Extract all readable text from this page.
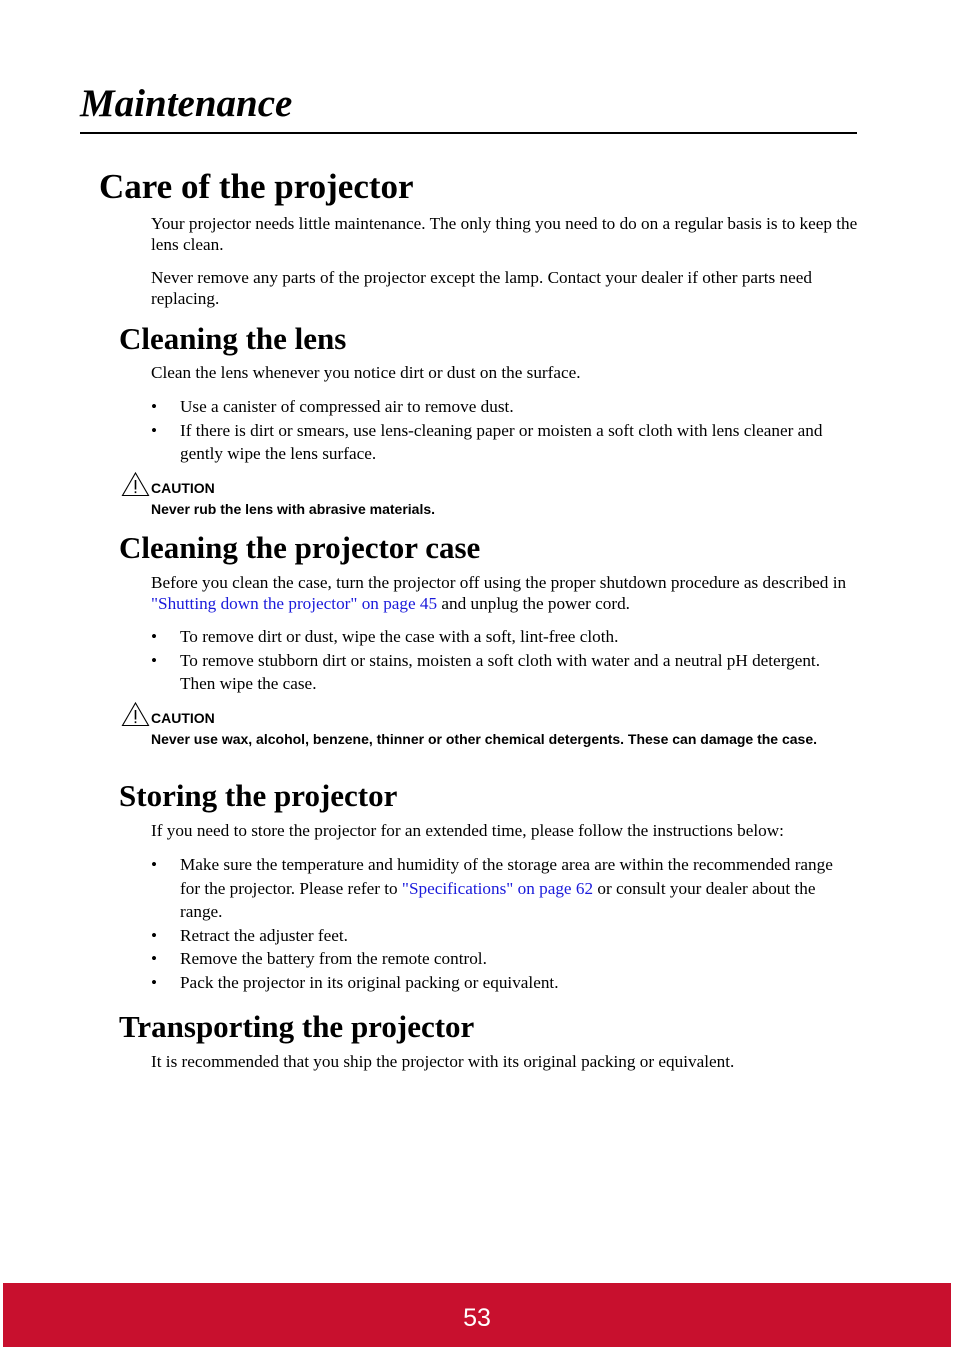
Maintenance
Care of the projector

Your projector needs little maintenance. The only thing you need to do on a regular basis is to keep the lens clean.

Never remove any parts of the projector except the lamp. Contact your dealer if other parts need replacing.

Cleaning the lens

Clean the lens whenever you notice dirt or dust on the surface.

• Use a canister of compressed air to remove dust.
• If there is dirt or smears, use lens-cleaning paper or moisten a soft cloth with lens cleaner and gently wipe the lens surface.
CAUTION

Never rub the lens with abrasive materials.

Cleaning the projector case

Before you clean the case, turn the projector off using the proper shutdown procedure as described in "Shutting down the projector" on page 45 and unplug the power cord.

• To remove dirt or dust, wipe the case with a soft, lint-free cloth.
• To remove stubborn dirt or stains, moisten a soft cloth with water and a neutral pH detergent. Then wipe the case.
CAUTION

Never use wax, alcohol, benzene, thinner or other chemical detergents. These can damage the case.

Storing the projector

If you need to store the projector for an extended time, please follow the instructions below:

• Make sure the temperature and humidity of the storage area are within the recommended range for the projector. Please refer to "Specifications" on page 62 or consult your dealer about the range.
• Retract the adjuster feet.
• Remove the battery from the remote control.
• Pack the projector in its original packing or equivalent.
Transporting the projector

It is recommended that you ship the projector with its original packing or equivalent.

53
